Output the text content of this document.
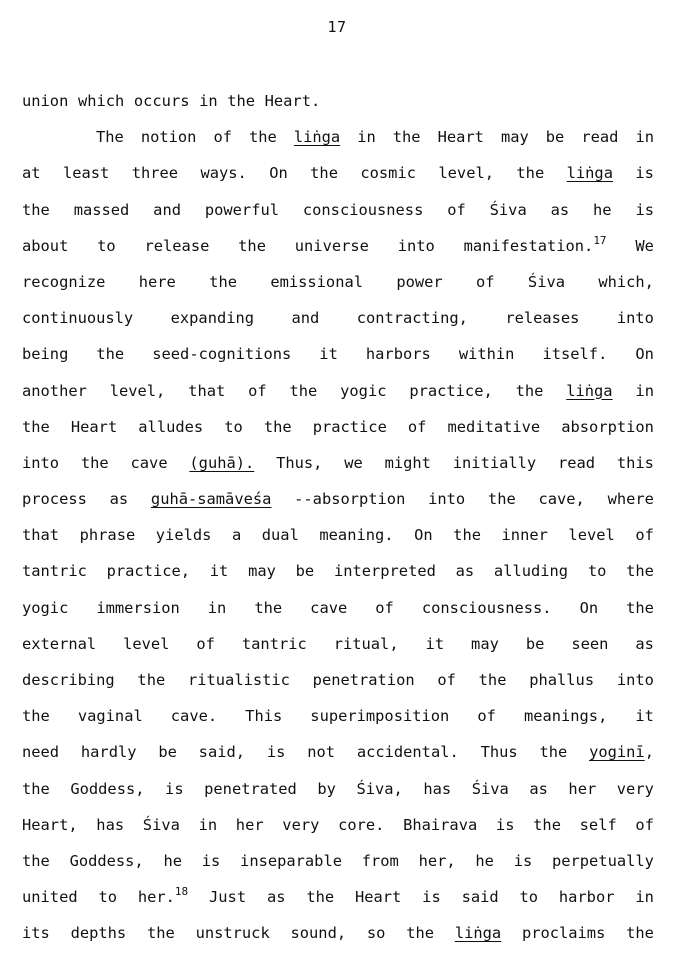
17
union which occurs in the Heart.
The notion of the liṅga in the Heart may be read in
at least three ways. On the cosmic level, the liṅga is
the massed and powerful consciousness of Śiva as he is
about to release the universe into manifestation.$^{17}$ We
recognize here the emissional power of Śiva which,
continuously expanding and contracting, releases into
being the seed-cognitions it harbors within itself. On
another level, that of the yogic practice, the liṅga in
the Heart alludes to the practice of meditative absorption
into the cave (guhā). Thus, we might initially read this
process as guhā-samāveśa --absorption into the cave, where
that phrase yields a dual meaning. On the inner level of
tantric practice, it may be interpreted as alluding to the
yogic immersion in the cave of consciousness. On the
external level of tantric ritual, it may be seen as
describing the ritualistic penetration of the phallus into
the vaginal cave. This superimposition of meanings, it
need hardly be said, is not accidental. Thus the yoginī,
the Goddess, is penetrated by Śiva, has Śiva as her very
Heart, has Śiva in her very core. Bhairava is the self of
the Goddess, he is inseparable from her, he is perpetually
united to her.$^{18}$ Just as the Heart is said to harbor in
its depths the unstruck sound, so the liṅga proclaims the
